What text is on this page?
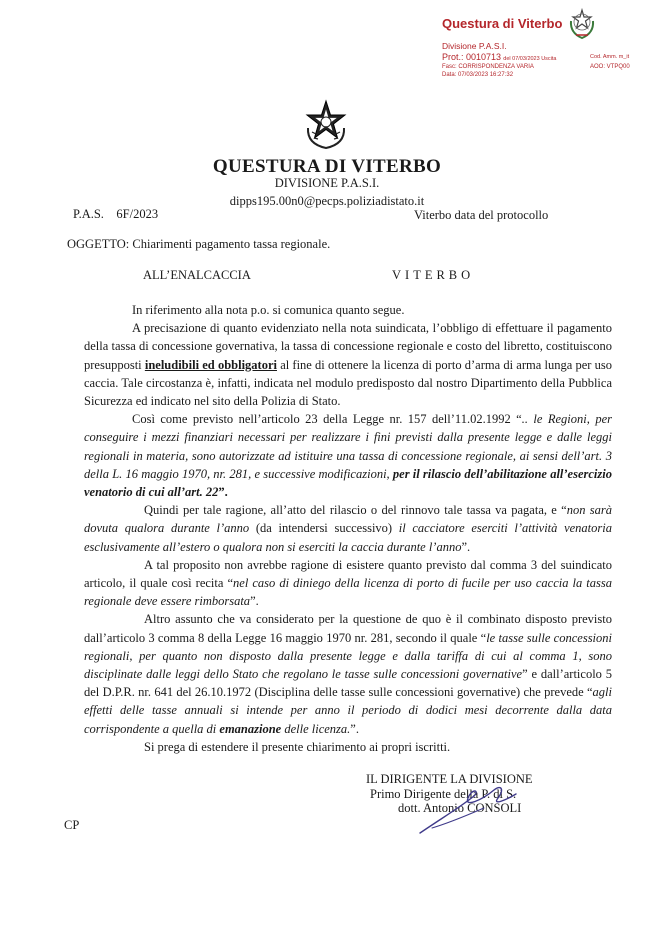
Questura di Viterbo
Divisione P.A.S.I.
Prot.: 0010713 del 07/03/2023 Uscita
Fasc: CORRISPONDENZA VARIA
Data: 07/03/2023 16:27:32
Cod. Amm. m_it
AOO: VTPQ00
QUESTURA DI VITERBO
DIVISIONE P.A.S.I.
dipps195.00n0@pecps.poliziadistato.it
P.A.S.    6F/2023	Viterbo data del protocollo
OGGETTO: Chiarimenti pagamento tassa regionale.
ALL’ENALCACCIA	VITERBO

In riferimento alla nota p.o. si comunica quanto segue.

A precisazione di quanto evidenziato nella nota suindicata, l’obbligo di effettuare il pagamento della tassa di concessione governativa, la tassa di concessione regionale e costo del libretto, costituiscono presupposti ineludibili ed obbligatori al fine di ottenere la licenza di porto d’arma di arma lunga per uso caccia. Tale circostanza è, infatti, indicata nel modulo predisposto dal nostro Dipartimento della Pubblica Sicurezza ed indicato nel sito della Polizia di Stato.

Così come previsto nell’articolo 23 della Legge nr. 157 dell’11.02.1992 “.. le Regioni, per conseguire i mezzi finanziari necessari per realizzare i fini previsti dalla presente legge e dalle leggi regionali in materia, sono autorizzate ad istituire una tassa di concessione regionale, ai sensi dell’art. 3 della L. 16 maggio 1970, nr. 281, e successive modificazioni, per il rilascio dell’abilitazione all’esercizio venatorio di cui all’art. 22”.

Quindi per tale ragione, all’atto del rilascio o del rinnovo tale tassa va pagata, e “non sarà dovuta qualora durante l’anno (da intendersi successivo) il cacciatore eserciti l’attività venatoria esclusivamente all’estero o qualora non si eserciti la caccia durante l’anno”.

A tal proposito non avrebbe ragione di esistere quanto previsto dal comma 3 del suindicato articolo, il quale così recita “nel caso di diniego della licenza di porto di fucile per uso caccia la tassa regionale deve essere rimborsata”.

Altro assunto che va considerato per la questione de quo è il combinato disposto previsto dall’articolo 3 comma 8 della Legge 16 maggio 1970 nr. 281, secondo il quale “le tasse sulle concessioni regionali, per quanto non disposto dalla presente legge e dalla tariffa di cui al comma 1, sono disciplinate dalle leggi dello Stato che regolano le tasse sulle concessioni governative” e dall’articolo 5 del D.P.R. nr. 641 del 26.10.1972 (Disciplina delle tasse sulle concessioni governative) che prevede “agli effetti delle tasse annuali si intende per anno il periodo di dodici mesi decorrente dalla data corrispondente a quella di emanazione delle licenza.”.

Si prega di estendere il presente chiarimento ai propri iscritti.

IL DIRIGENTE LA DIVISIONE
Primo Dirigente della P. di S.
dott. Antonio CONSOLI
CP
